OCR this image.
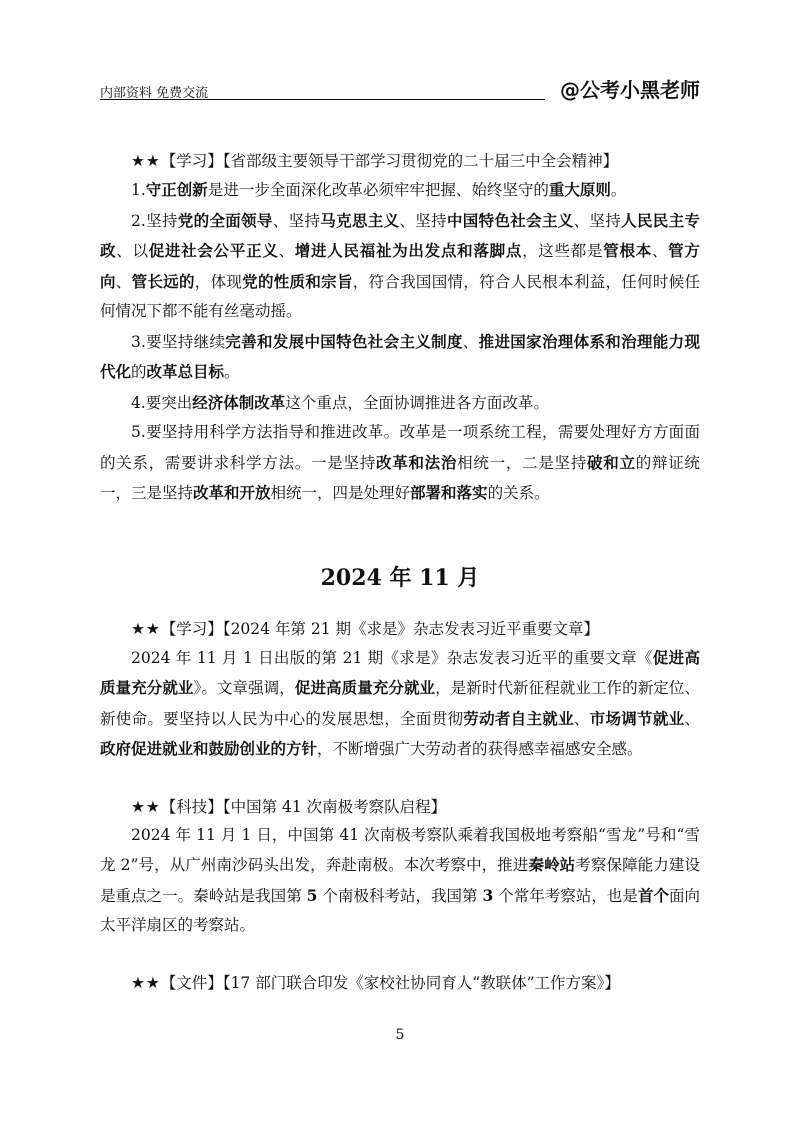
内部资料 免费交流	@公考小黑老师

★★【学习】【省部级主要领导干部学习贯彻党的二十届三中全会精神】

1.守正创新是进一步全面深化改革必须牢牢把握、始终坚守的重大原则。

2.坚持党的全面领导、坚持马克思主义、坚持中国特色社会主义、坚持人民民主专政、以促进社会公平正义、增进人民福祉为出发点和落脚点，这些都是管根本、管方向、管长远的，体现党的性质和宗旨，符合我国国情，符合人民根本利益，任何时候任何情况下都不能有丝毫动摇。

3.要坚持继续完善和发展中国特色社会主义制度、推进国家治理体系和治理能力现代化的改革总目标。

4.要突出经济体制改革这个重点，全面协调推进各方面改革。

5.要坚持用科学方法指导和推进改革。改革是一项系统工程，需要处理好方方面面的关系，需要讲求科学方法。一是坚持改革和法治相统一，二是坚持破和立的辩证统一，三是坚持改革和开放相统一，四是处理好部署和落实的关系。

2024 年 11 月

★★【学习】【2024 年第 21 期《求是》杂志发表习近平重要文章】

2024 年 11 月 1 日出版的第 21 期《求是》杂志发表习近平的重要文章《促进高质量充分就业》。文章强调，促进高质量充分就业，是新时代新征程就业工作的新定位、新使命。要坚持以人民为中心的发展思想，全面贯彻劳动者自主就业、市场调节就业、政府促进就业和鼓励创业的方针，不断增强广大劳动者的获得感幸福感安全感。

★★【科技】【中国第 41 次南极考察队启程】

2024 年 11 月 1 日，中国第 41 次南极考察队乘着我国极地考察船“雪龙”号和“雪龙 2”号，从广州南沙码头出发，奔赴南极。本次考察中，推进秦岭站考察保障能力建设是重点之一。秦岭站是我国第 5 个南极科考站，我国第 3 个常年考察站，也是首个面向太平洋扇区的考察站。

★★【文件】【17 部门联合印发《家校社协同育人“教联体”工作方案》】

5
